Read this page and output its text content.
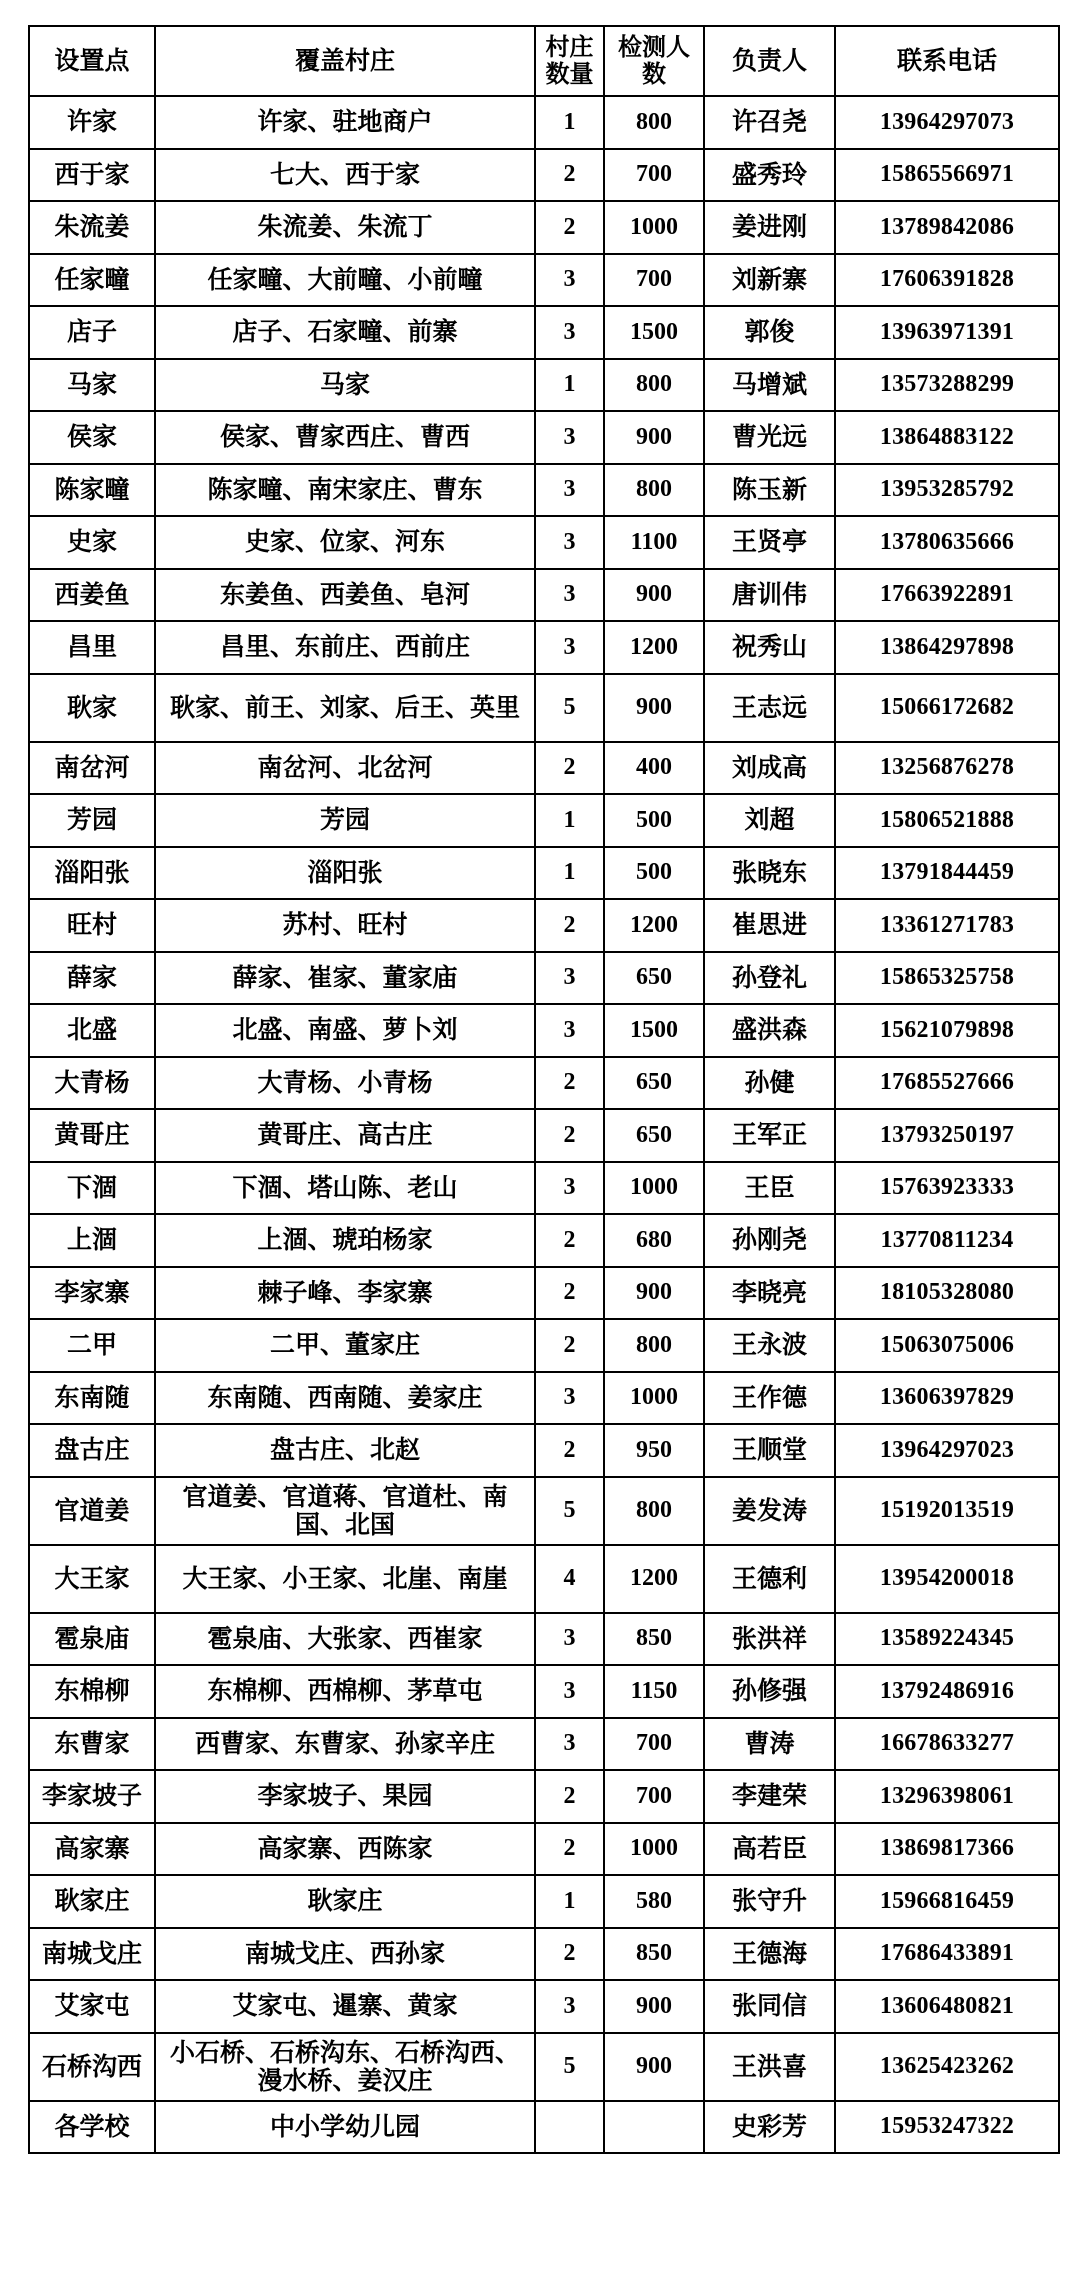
设置点	覆盖村庄	村庄数量	检测人数	负责人	联系电话
许家	许家、驻地商户	1	800	许召尧	13964297073
西于家	七大、西于家	2	700	盛秀玲	15865566971
朱流姜	朱流姜、朱流丁	2	1000	姜进刚	13789842086
任家疃	任家疃、大前疃、小前疃	3	700	刘新寨	17606391828
店子	店子、石家疃、前寨	3	1500	郭俊	13963971391
马家	马家	1	800	马增斌	13573288299
侯家	侯家、曹家西庄、曹西	3	900	曹光远	13864883122
陈家疃	陈家疃、南宋家庄、曹东	3	800	陈玉新	13953285792
史家	史家、位家、河东	3	1100	王贤亭	13780635666
西姜鱼	东姜鱼、西姜鱼、皂河	3	900	唐训伟	17663922891
昌里	昌里、东前庄、西前庄	3	1200	祝秀山	13864297898
耿家	耿家、前王、刘家、后王、英里	5	900	王志远	15066172682
南岔河	南岔河、北岔河	2	400	刘成高	13256876278
芳园	芳园	1	500	刘超	15806521888
淄阳张	淄阳张	1	500	张晓东	13791844459
旺村	苏村、旺村	2	1200	崔思进	13361271783
薛家	薛家、崔家、董家庙	3	650	孙登礼	15865325758
北盛	北盛、南盛、萝卜刘	3	1500	盛洪森	15621079898
大青杨	大青杨、小青杨	2	650	孙健	17685527666
黄哥庄	黄哥庄、高古庄	2	650	王军正	13793250197
下涸	下涸、塔山陈、老山	3	1000	王臣	15763923333
上涸	上涸、琥珀杨家	2	680	孙刚尧	13770811234
李家寨	棘子峰、李家寨	2	900	李晓亮	18105328080
二甲	二甲、董家庄	2	800	王永波	15063075006
东南随	东南随、西南随、姜家庄	3	1000	王作德	13606397829
盘古庄	盘古庄、北赵	2	950	王顺堂	13964297023
官道姜	官道姜、官道蒋、官道杜、南国、北国	5	800	姜发涛	15192013519
大王家	大王家、小王家、北崖、南崖	4	1200	王德利	13954200018
雹泉庙	雹泉庙、大张家、西崔家	3	850	张洪祥	13589224345
东棉柳	东棉柳、西棉柳、茅草屯	3	1150	孙修强	13792486916
东曹家	西曹家、东曹家、孙家辛庄	3	700	曹涛	16678633277
李家坡子	李家坡子、果园	2	700	李建荣	13296398061
高家寨	高家寨、西陈家	2	1000	高若臣	13869817366
耿家庄	耿家庄	1	580	张守升	15966816459
南城戈庄	南城戈庄、西孙家	2	850	王德海	17686433891
艾家屯	艾家屯、暹寨、黄家	3	900	张同信	13606480821
石桥沟西	小石桥、石桥沟东、石桥沟西、漫水桥、姜汉庄	5	900	王洪喜	13625423262
各学校	中小学幼儿园			史彩芳	15953247322
